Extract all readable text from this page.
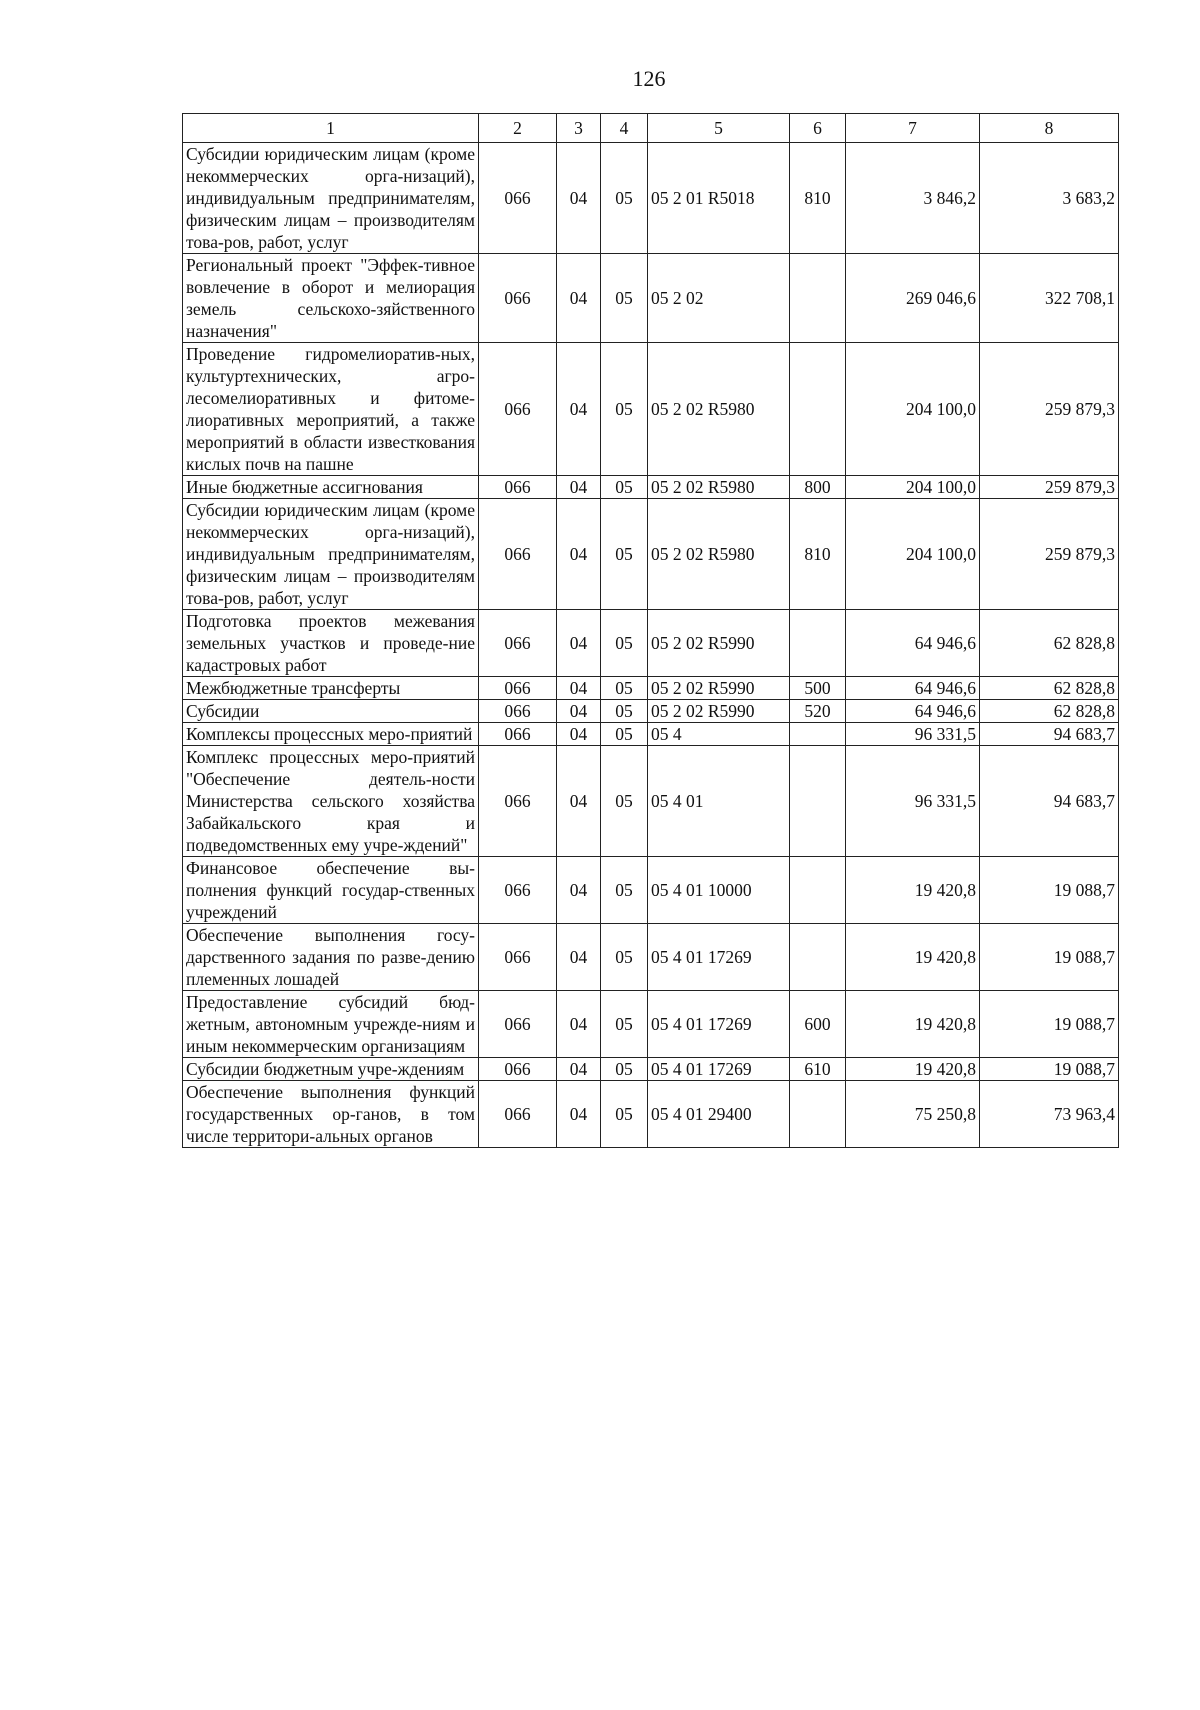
126
1	2	3	4	5	6	7	8
Субсидии юридическим лицам (кроме некоммерческих орга-низаций), индивидуальным предпринимателям, физическим лицам – производителям това-ров, работ, услуг	066	04	05	05 2 01 R5018	810	3 846,2	3 683,2
Региональный проект "Эффек-тивное вовлечение в оборот и мелиорация земель сельскохо-зяйственного назначения"	066	04	05	05 2 02		269 046,6	322 708,1
Проведение гидромелиоратив-ных, культуртехнических, агро-лесомелиоративных и фитоме-лиоративных мероприятий, а также мероприятий в области известкования кислых почв на пашне	066	04	05	05 2 02 R5980		204 100,0	259 879,3
Иные бюджетные ассигнования	066	04	05	05 2 02 R5980	800	204 100,0	259 879,3
Субсидии юридическим лицам (кроме некоммерческих орга-низаций), индивидуальным предпринимателям, физическим лицам – производителям това-ров, работ, услуг	066	04	05	05 2 02 R5980	810	204 100,0	259 879,3
Подготовка проектов межевания земельных участков и проведе-ние кадастровых работ	066	04	05	05 2 02 R5990		64 946,6	62 828,8
Межбюджетные трансферты	066	04	05	05 2 02 R5990	500	64 946,6	62 828,8
Субсидии	066	04	05	05 2 02 R5990	520	64 946,6	62 828,8
Комплексы процессных меро-приятий	066	04	05	05 4		96 331,5	94 683,7
Комплекс процессных меро-приятий "Обеспечение деятель-ности Министерства сельского хозяйства Забайкальского края и подведомственных ему учре-ждений"	066	04	05	05 4 01		96 331,5	94 683,7
Финансовое обеспечение вы-полнения функций государ-ственных учреждений	066	04	05	05 4 01 10000		19 420,8	19 088,7
Обеспечение выполнения госу-дарственного задания по разве-дению племенных лошадей	066	04	05	05 4 01 17269		19 420,8	19 088,7
Предоставление субсидий бюд-жетным, автономным учрежде-ниям и иным некоммерческим организациям	066	04	05	05 4 01 17269	600	19 420,8	19 088,7
Субсидии бюджетным учре-ждениям	066	04	05	05 4 01 17269	610	19 420,8	19 088,7
Обеспечение выполнения функций государственных ор-ганов, в том числе территори-альных органов	066	04	05	05 4 01 29400		75 250,8	73 963,4
